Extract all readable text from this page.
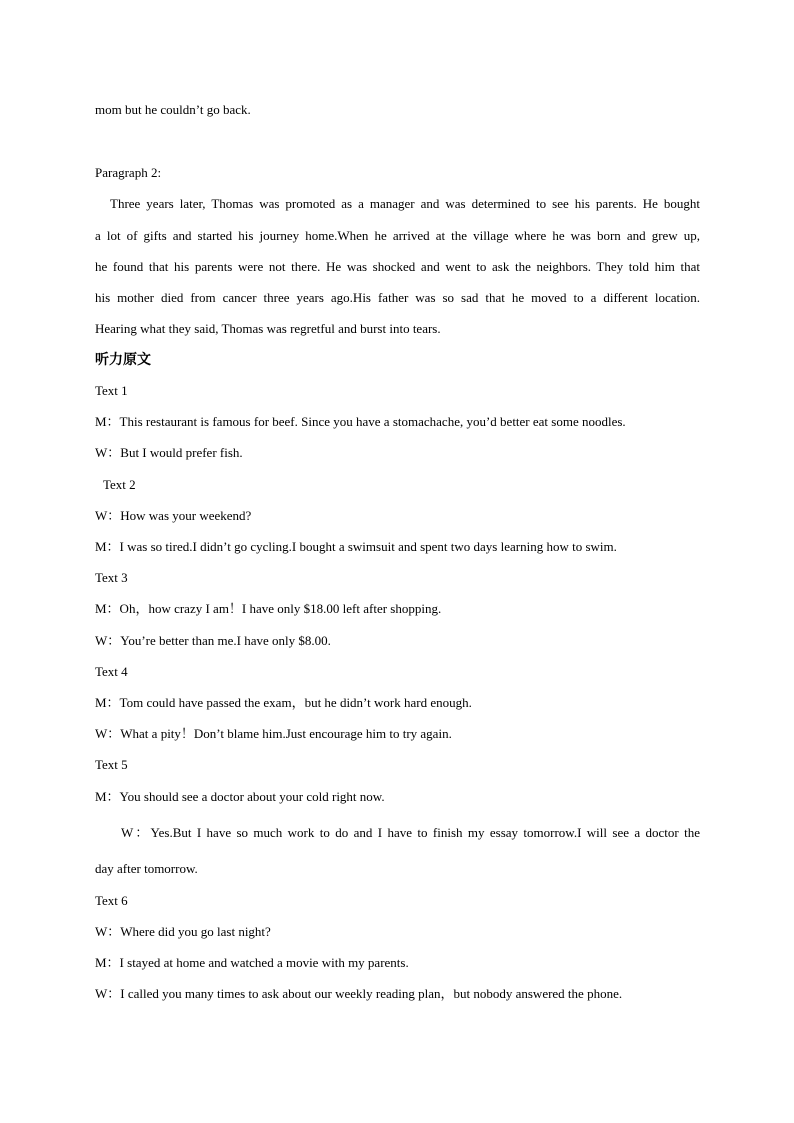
mom but he couldn’t go back.
Paragraph 2:
Three years later, Thomas was promoted as a manager and was determined to see his parents. He bought
a lot of gifts and started his journey home.When he arrived at the village where he was born and grew up,
he found that his parents were not there. He was shocked and went to ask the neighbors. They told him that
his mother died from cancer three years ago.His father was so sad that he moved to a different location.
Hearing what they said, Thomas was regretful and burst into tears.
听力原文
Text 1
M：This restaurant is famous for beef. Since you have a stomachache, you’d better eat some noodles.
W：But I would prefer fish.
Text 2
W：How was your weekend?
M：I was so tired.I didn’t go cycling.I bought a swimsuit and spent two days learning how to swim.
Text 3
M：Oh，how crazy I am！I have only $18.00 left after shopping.
W：You’re better than me.I have only $8.00.
Text 4
M：Tom could have passed the exam，but he didn’t work hard enough.
W：What a pity！Don’t blame him.Just encourage him to try again.
Text 5
M：You should see a doctor about your cold right now.
W：Yes.But I have so much work to do and I have to finish my essay tomorrow.I will see a doctor the
day after tomorrow.
Text 6
W：Where did you go last night?
M：I stayed at home and watched a movie with my parents.
W：I called you many times to ask about our weekly reading plan，but nobody answered the phone.
